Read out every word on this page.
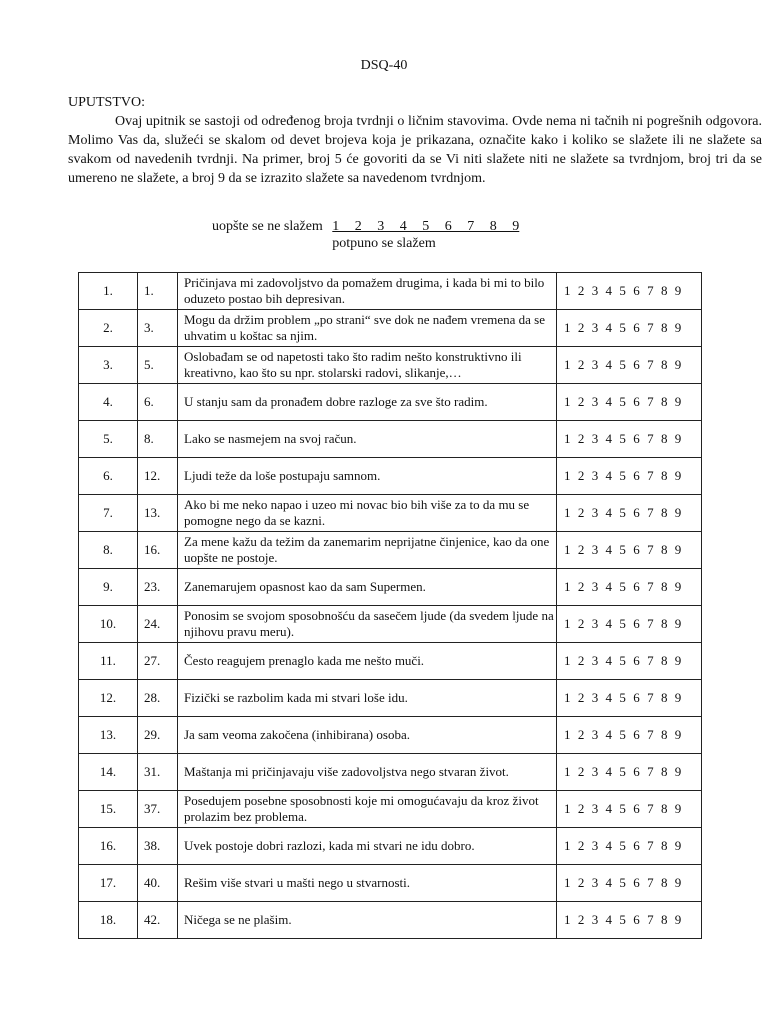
DSQ-40
UPUTSTVO:

Ovaj upitnik se sastoji od određenog broja tvrdnji o ličnim stavovima. Ovde nema ni tačnih ni pogrešnih odgovora. Molimo Vas da, služeći se skalom od devet brojeva koja je prikazana, označite kako i koliko se slažete ili ne slažete sa svakom od navedenih tvrdnji. Na primer, broj 5 će govoriti da se Vi niti slažete niti ne slažete sa tvrdnjom, broj tri da se umereno ne slažete, a broj 9 da se izrazito slažete sa navedenom tvrdnjom.

uopšte se ne slažem 1 2 3 4 5 6 7 8 9
potpuno se slažem
1.	1.	Pričinjava mi zadovoljstvo da pomažem drugima, i kada bi mi to bilo oduzeto postao bih depresivan.	1 2 3 4 5 6 7 8 9
2.	3.	Mogu da držim problem „po strani“ sve dok ne nađem vremena da se uhvatim u koštac sa njim.	1 2 3 4 5 6 7 8 9
3.	5.	Oslobađam se od napetosti tako što radim nešto konstruktivno ili kreativno, kao što su npr. stolarski radovi, slikanje,…	1 2 3 4 5 6 7 8 9
4.	6.	U stanju sam da pronađem dobre razloge za sve što radim.	1 2 3 4 5 6 7 8 9
5.	8.	Lako se nasmejem na svoj račun.	1 2 3 4 5 6 7 8 9
6.	12.	Ljudi teže da loše postupaju samnom.	1 2 3 4 5 6 7 8 9
7.	13.	Ako bi me neko napao i uzeo mi novac bio bih više za to da mu se pomogne nego da se kazni.	1 2 3 4 5 6 7 8 9
8.	16.	Za mene kažu da težim da zanemarim neprijatne činjenice, kao da one uopšte ne postoje.	1 2 3 4 5 6 7 8 9
9.	23.	Zanemarujem opasnost kao da sam Supermen.	1 2 3 4 5 6 7 8 9
10.	24.	Ponosim se svojom sposobnošću da sasečem ljude (da svedem ljude na njihovu pravu meru).	1 2 3 4 5 6 7 8 9
11.	27.	Često reagujem prenaglo kada me nešto muči.	1 2 3 4 5 6 7 8 9
12.	28.	Fizički se razbolim kada mi stvari loše idu.	1 2 3 4 5 6 7 8 9
13.	29.	Ja sam veoma zakočena (inhibirana) osoba.	1 2 3 4 5 6 7 8 9
14.	31.	Maštanja mi pričinjavaju više zadovoljstva nego stvaran život.	1 2 3 4 5 6 7 8 9
15.	37.	Posedujem posebne sposobnosti koje mi omogućavaju da kroz život prolazim bez problema.	1 2 3 4 5 6 7 8 9
16.	38.	Uvek postoje dobri razlozi, kada mi stvari ne idu dobro.	1 2 3 4 5 6 7 8 9
17.	40.	Rešim više stvari u mašti nego u stvarnosti.	1 2 3 4 5 6 7 8 9
18.	42.	Ničega se ne plašim.	1 2 3 4 5 6 7 8 9
